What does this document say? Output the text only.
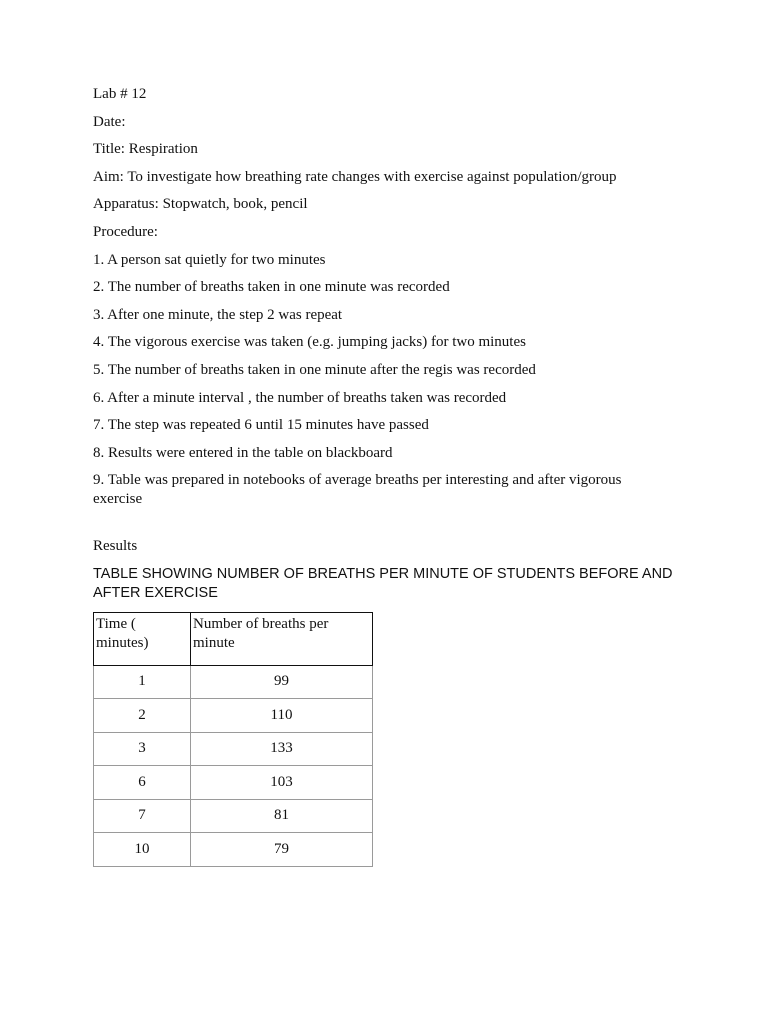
Lab # 12

Date:

Title: Respiration

Aim: To investigate how breathing rate changes with exercise against population/group

Apparatus: Stopwatch, book, pencil

Procedure:

1. A person sat quietly for two minutes

2. The number of breaths taken in one minute was recorded

3. After one minute, the step 2 was repeat

4. The vigorous exercise was taken (e.g. jumping jacks) for two minutes

5. The number of breaths taken in one minute after the regis was recorded

6. After a minute interval , the number of breaths taken was recorded

7. The step was repeated 6 until 15 minutes have passed

8. Results were entered in the table on blackboard

9. Table was prepared in notebooks of average breaths per interesting and after vigorous exercise

Results

TABLE SHOWING NUMBER OF BREATHS PER MINUTE OF STUDENTS BEFORE AND AFTER EXERCISE

Time ( minutes)	Number of breaths per minute
1	99
2	110
3	133
6	103
7	81
10	79
